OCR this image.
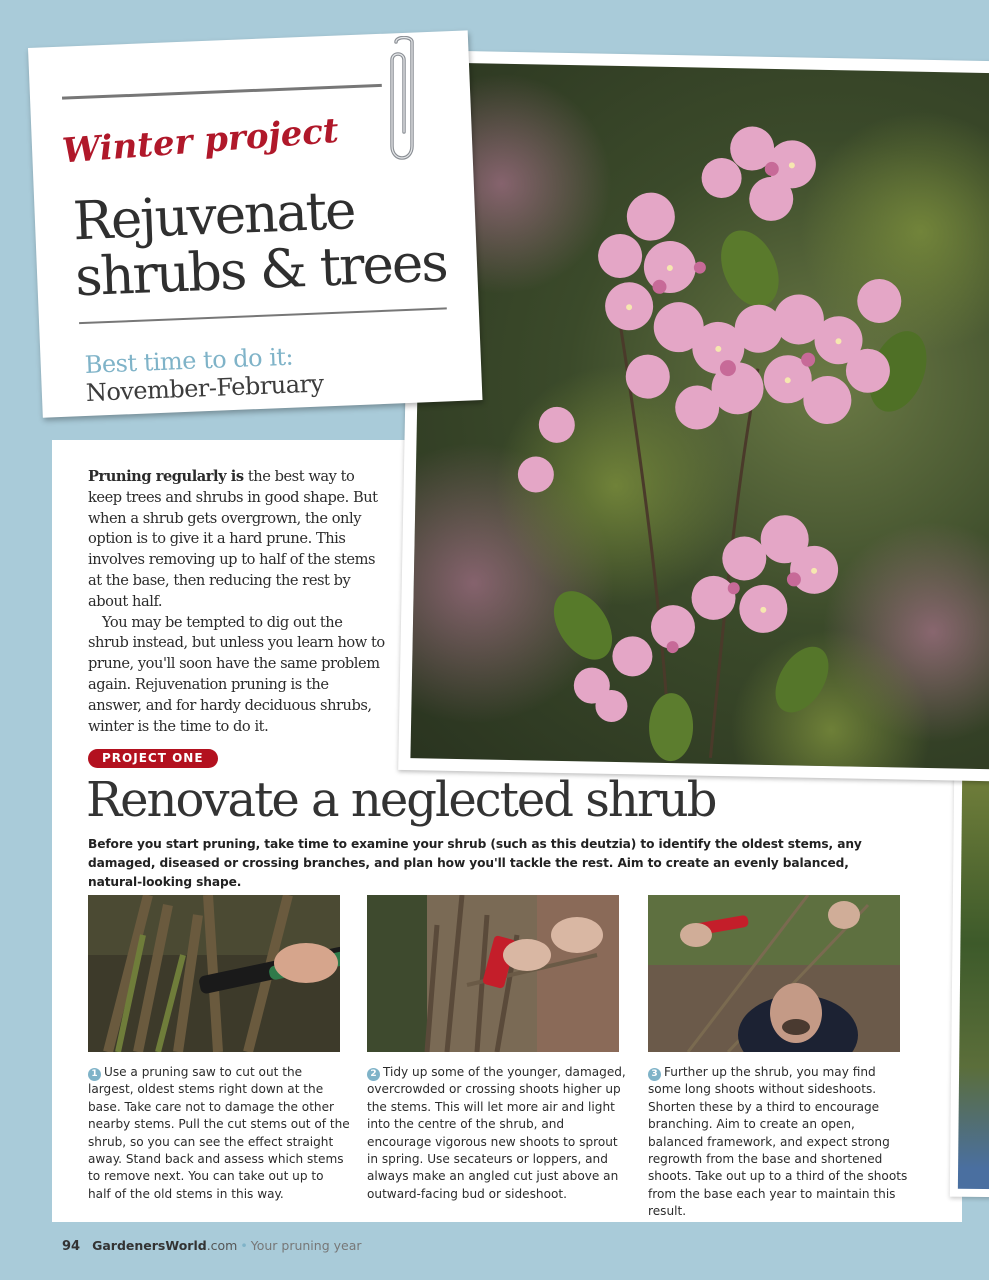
Winter project
Rejuvenate
shrubs & trees
Best time to do it:
November-February

Pruning regularly is the best way to keep trees and shrubs in good shape. But when a shrub gets overgrown, the only option is to give it a hard prune. This involves removing up to half of the stems at the base, then reducing the rest by about half.

You may be tempted to dig out the shrub instead, but unless you learn how to prune, you'll soon have the same problem again. Rejuvenation pruning is the answer, and for hardy deciduous shrubs, winter is the time to do it.

PROJECT ONE
Renovate a neglected shrub
Before you start pruning, take time to examine your shrub (such as this deutzia) to identify the oldest stems, any damaged, diseased or crossing branches, and plan how you'll tackle the rest. Aim to create an evenly balanced, natural-looking shape.
1 Use a pruning saw to cut out the largest, oldest stems right down at the base. Take care not to damage the other nearby stems. Pull the cut stems out of the shrub, so you can see the effect straight away. Stand back and assess which stems to remove next. You can take out up to half of the old stems in this way.
2 Tidy up some of the younger, damaged, overcrowded or crossing shoots higher up the stems. This will let more air and light into the centre of the shrub, and encourage vigorous new shoots to sprout in spring. Use secateurs or loppers, and always make an angled cut just above an outward-facing bud or sideshoot.
3 Further up the shrub, you may find some long shoots without sideshoots. Shorten these by a third to encourage branching. Aim to create an open, balanced framework, and expect strong regrowth from the base and shortened shoots. Take out up to a third of the shoots from the base each year to maintain this result.
94 GardenersWorld.com • Your pruning year
